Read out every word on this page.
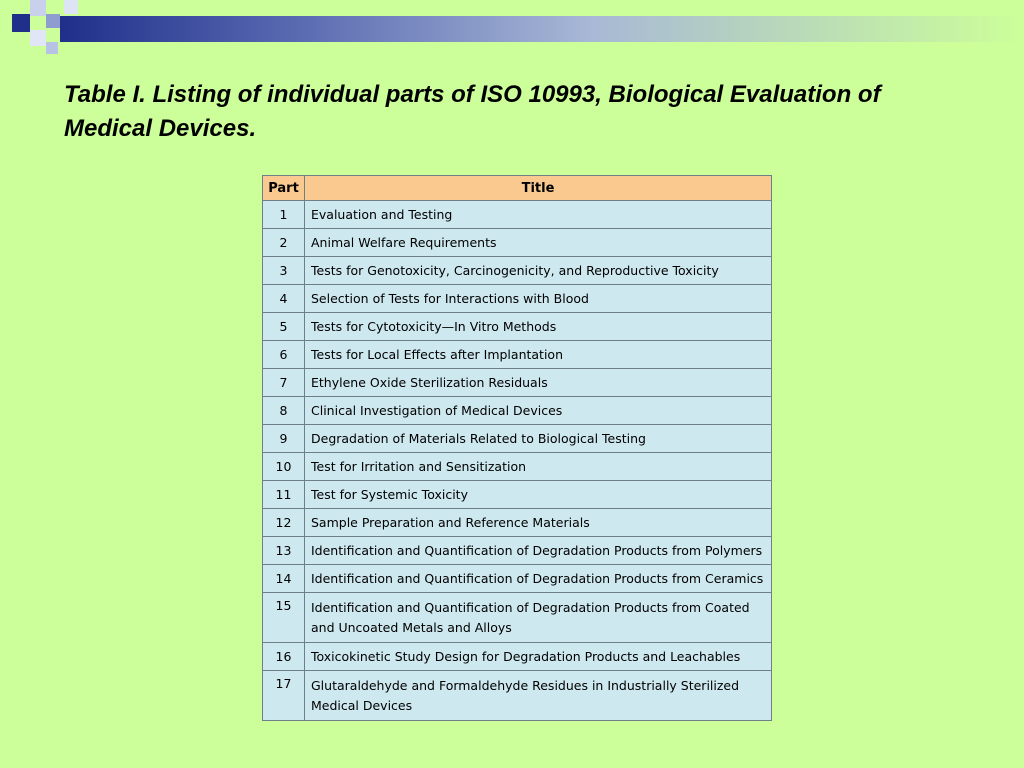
Table I. Listing of individual parts of ISO 10993, Biological Evaluation of Medical Devices.
Part	Title
1	Evaluation and Testing
2	Animal Welfare Requirements
3	Tests for Genotoxicity, Carcinogenicity, and Reproductive Toxicity
4	Selection of Tests for Interactions with Blood
5	Tests for Cytotoxicity—In Vitro Methods
6	Tests for Local Effects after Implantation
7	Ethylene Oxide Sterilization Residuals
8	Clinical Investigation of Medical Devices
9	Degradation of Materials Related to Biological Testing
10	Test for Irritation and Sensitization
11	Test for Systemic Toxicity
12	Sample Preparation and Reference Materials
13	Identification and Quantification of Degradation Products from Polymers
14	Identification and Quantification of Degradation Products from Ceramics
15	Identification and Quantification of Degradation Products from Coated and Uncoated Metals and Alloys
16	Toxicokinetic Study Design for Degradation Products and Leachables
17	Glutaraldehyde and Formaldehyde Residues in Industrially Sterilized Medical Devices
